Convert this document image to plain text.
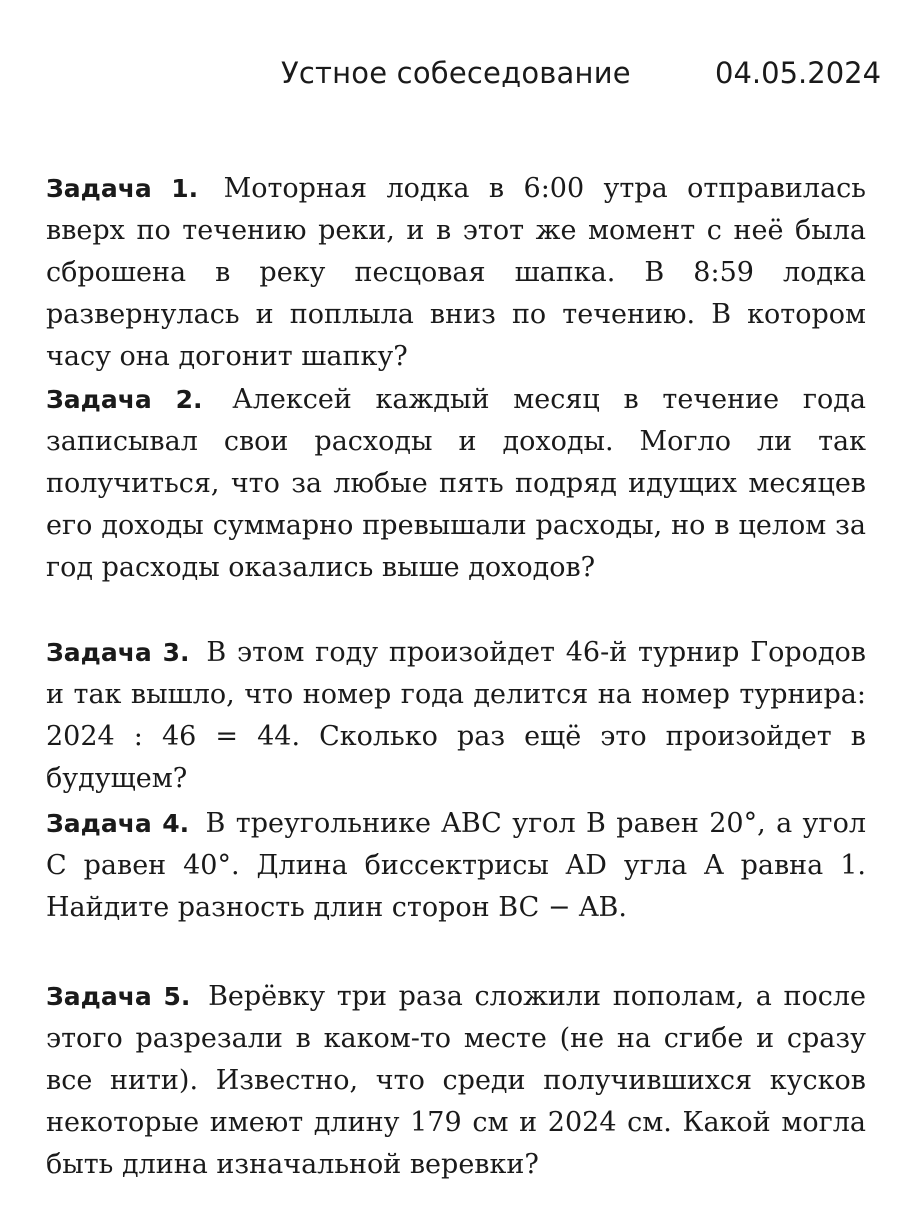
Устное собеседование	04.05.2024

Задача 1. Моторная лодка в 6:00 утра отправилась вверх по течению реки, и в этот же момент с неё была сброшена в реку песцовая шапка. В 8:59 лодка развернулась и поплыла вниз по течению. В котором часу она догонит шапку?

Задача 2. Алексей каждый месяц в течение года записывал свои расходы и доходы. Могло ли так получиться, что за любые пять подряд идущих месяцев его доходы суммарно превышали расходы, но в целом за год расходы оказались выше доходов?

Задача 3. В этом году произойдет 46-й турнир Городов и так вышло, что номер года делится на номер турнира: 2024 : 46 = 44. Сколько раз ещё это произойдет в будущем?

Задача 4. В треугольнике ABC угол B равен 20°, а угол C равен 40°. Длина биссектрисы AD угла A равна 1. Найдите разность длин сторон BC − AB.

Задача 5. Верёвку три раза сложили пополам, а после этого разрезали в каком-то месте (не на сгибе и сразу все нити). Известно, что среди получившихся кусков некоторые имеют длину 179 см и 2024 см. Какой могла быть длина изначальной веревки?
